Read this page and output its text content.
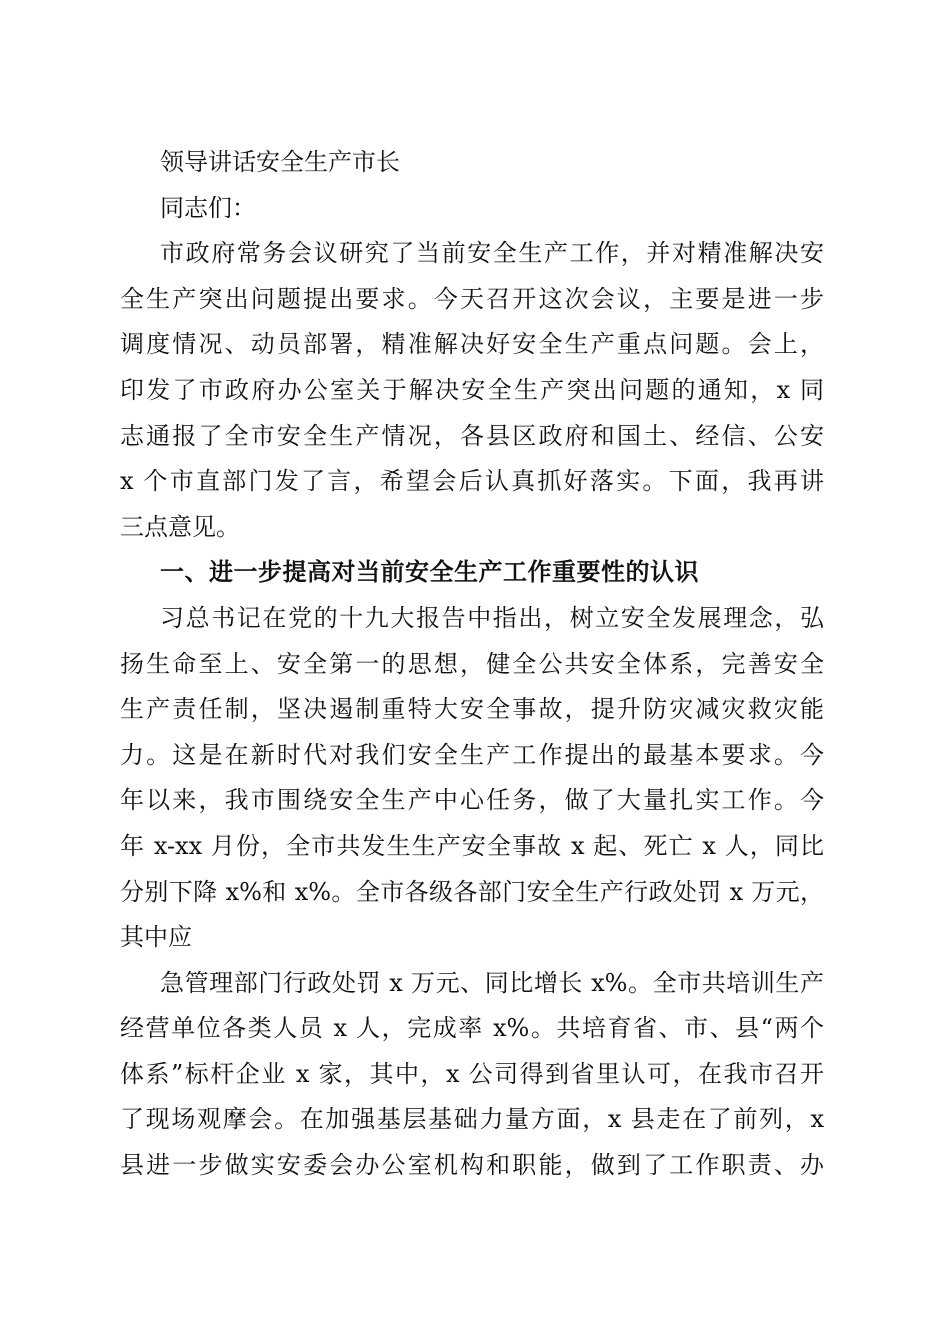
领导讲话安全生产市长
同志们：
市政府常务会议研究了当前安全生产工作，并对精准解决安
全生产突出问题提出要求。今天召开这次会议，主要是进一步
调度情况、动员部署，精准解决好安全生产重点问题。会上，
印发了市政府办公室关于解决安全生产突出问题的通知，x 同
志通报了全市安全生产情况，各县区政府和国土、经信、公安
x 个市直部门发了言，希望会后认真抓好落实。下面，我再讲
三点意见。
一、进一步提高对当前安全生产工作重要性的认识
习总书记在党的十九大报告中指出，树立安全发展理念，弘
扬生命至上、安全第一的思想，健全公共安全体系，完善安全
生产责任制，坚决遏制重特大安全事故，提升防灾减灾救灾能
力。这是在新时代对我们安全生产工作提出的最基本要求。今
年以来，我市围绕安全生产中心任务，做了大量扎实工作。今
年 x-xx 月份，全市共发生生产安全事故 x 起、死亡 x 人，同比
分别下降 x%和 x%。全市各级各部门安全生产行政处罚 x 万元，
其中应
急管理部门行政处罚 x 万元、同比增长 x%。全市共培训生产
经营单位各类人员 x 人，完成率 x%。共培育省、市、县“两个
体系”标杆企业 x 家，其中，x 公司得到省里认可，在我市召开
了现场观摩会。在加强基层基础力量方面，x 县走在了前列，x
县进一步做实安委会办公室机构和职能，做到了工作职责、办
